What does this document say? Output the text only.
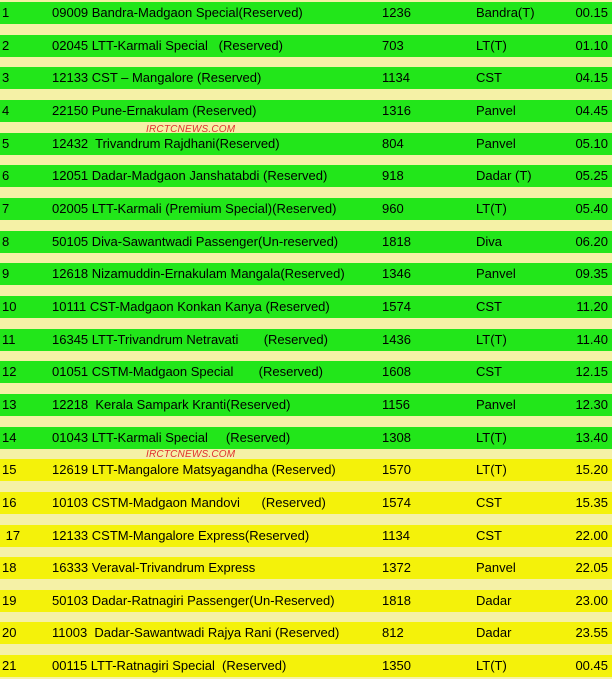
21	00115 LTT-Ratnagiri Special  (Reserved)	1350	LT(T)	00.45
20	11003  Dadar-Sawantwadi Rajya Rani (Reserved)	812	Dadar	23.55
19	50103 Dadar-Ratnagiri Passenger(Un-Reserved)	1818	Dadar	23.00
18	16333 Veraval-Trivandrum Express	1372	Panvel	22.05
17 12133 CSTM-Mangalore Express(Reserved)	1134	CST	22.00
16	10103 CSTM-Madgaon Mandovi      (Reserved)	1574	CST	15.35
15	12619 LTT-Mangalore Matsyagandha (Reserved)	1570	LT(T)	15.20
14	01043 LTT-Karmali Special     (Reserved)	1308	LT(T)	13.40
13	12218  Kerala Sampark Kranti(Reserved)	1156	Panvel	12.30
12	01051 CSTM-Madgaon Special       (Reserved)	1608	CST	12.15
11	16345 LTT-Trivandrum Netravati       (Reserved)	1436	LT(T)	11.40
10	10111 CST-Madgaon Konkan Kanya (Reserved)	1574	CST	11.20
9	12618 Nizamuddin-Ernakulam Mangala(Reserved)	1346	Panvel	09.35
8	50105 Diva-Sawantwadi Passenger(Un-reserved)	1818	Diva	06.20
7	02005 LTT-Karmali (Premium Special)(Reserved)	960	LT(T)	05.40
6	12051 Dadar-Madgaon Janshatabdi (Reserved)	918	Dadar (T)	05.25
5	12432  Trivandrum Rajdhani(Reserved)	804	Panvel	05.10
4	22150 Pune-Ernakulam (Reserved)	1316	Panvel	04.45
3	12133 CST – Mangalore (Reserved)	1134	CST	04.15
2	02045 LTT-Karmali Special   (Reserved)	703	LT(T)	01.10
1	09009 Bandra-Madgaon Special(Reserved)	1236	Bandra(T)	00.15
IRCTCNEWS.COM
IRCTCNEWS.COM
